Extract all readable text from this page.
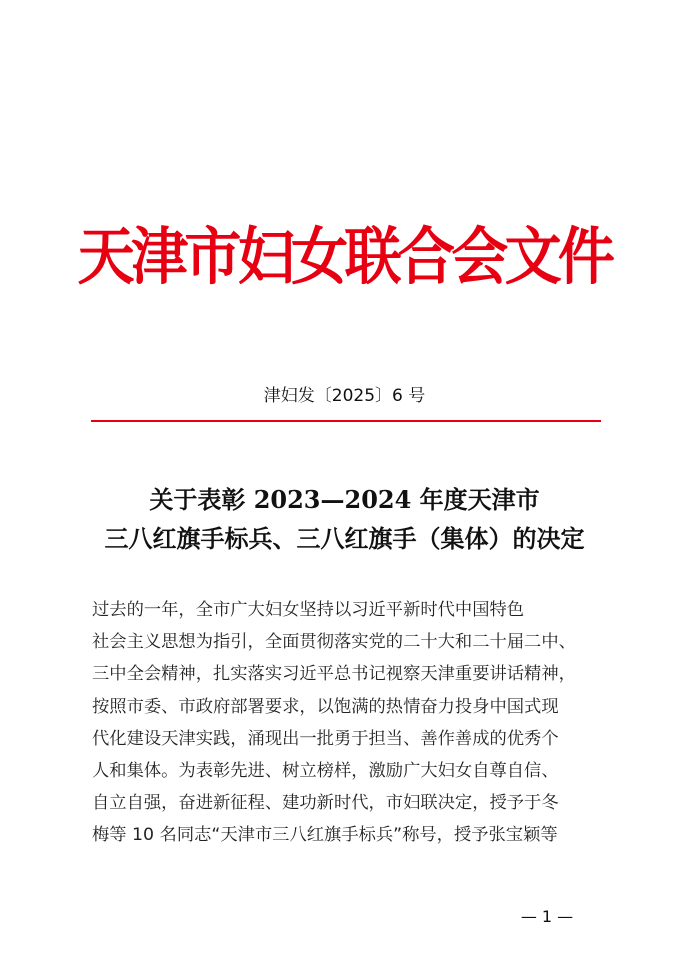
天津市妇女联合会文件
津妇发〔2025〕6 号
关于表彰 2023—2024 年度天津市
三八红旗手标兵、三八红旗手（集体）的决定
过去的一年，全市广大妇女坚持以习近平新时代中国特色
社会主义思想为指引，全面贯彻落实党的二十大和二十届二中、
三中全会精神，扎实落实习近平总书记视察天津重要讲话精神，
按照市委、市政府部署要求，以饱满的热情奋力投身中国式现
代化建设天津实践，涌现出一批勇于担当、善作善成的优秀个
人和集体。为表彰先进、树立榜样，激励广大妇女自尊自信、
自立自强，奋进新征程、建功新时代，市妇联决定，授予于冬
梅等 10 名同志“天津市三八红旗手标兵”称号，授予张宝颖等
— 1 —
